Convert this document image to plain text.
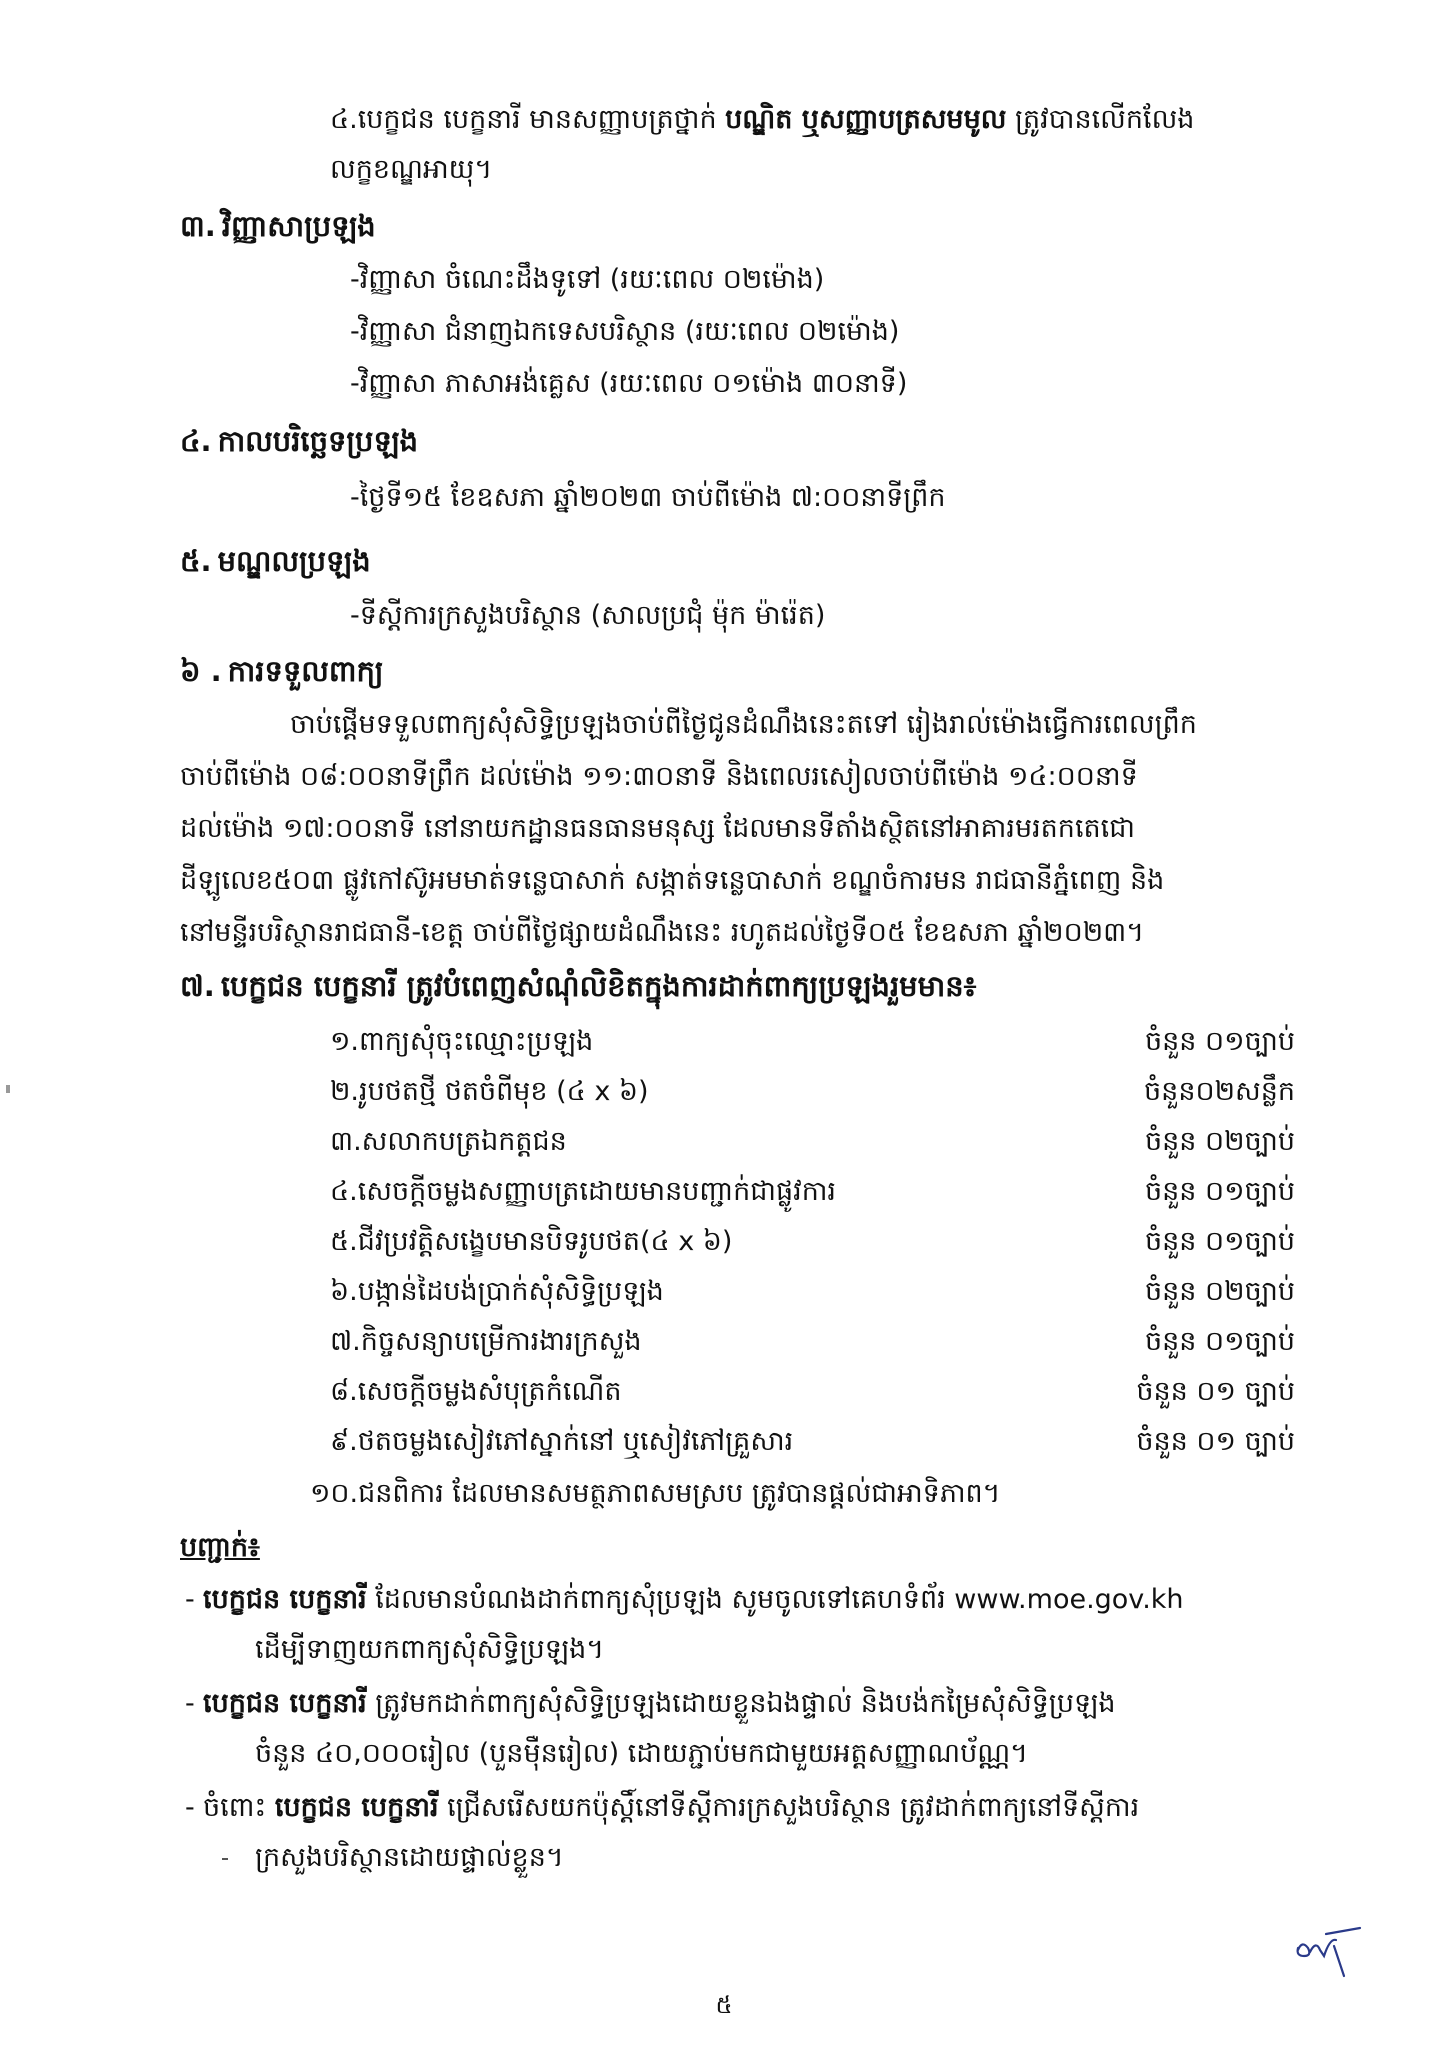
៤.បេក្ខជន បេក្ខនារី មានសញ្ញាបត្រថ្នាក់ បណ្ឌិត ឬសញ្ញាបត្រសមមូល ត្រូវបានលើកលែង
លក្ខខណ្ឌអាយុ។
៣. វិញ្ញាសាប្រឡង
-វិញ្ញាសា ចំណេះដឹងទូទៅ (រយៈពេល ០២ម៉ោង)
-វិញ្ញាសា ជំនាញឯកទេសបរិស្ថាន (រយៈពេល ០២ម៉ោង)
-វិញ្ញាសា ភាសាអង់គ្លេស (រយៈពេល ០១ម៉ោង ៣០នាទី)
៤. កាលបរិច្ឆេទប្រឡង
-ថ្ងៃទី១៥ ខែឧសភា ឆ្នាំ២០២៣ ចាប់ពីម៉ោង ៧:០០នាទីព្រឹក
៥. មណ្ឌលប្រឡង
-ទីស្តីការក្រសួងបរិស្ថាន (សាលប្រជុំ ម៉ុក ម៉ារ៉េត)
៦ . ការទទួលពាក្យ
ចាប់ផ្តើមទទួលពាក្យសុំសិទ្ធិប្រឡងចាប់ពីថ្ងៃជូនដំណឹងនេះតទៅ រៀងរាល់ម៉ោងធ្វើការពេលព្រឹក
ចាប់ពីម៉ោង ០៨:០០នាទីព្រឹក ដល់ម៉ោង ១១:៣០នាទី និងពេលរសៀលចាប់ពីម៉ោង ១៤:០០នាទី
ដល់ម៉ោង ១៧:០០នាទី នៅនាយកដ្ឋានធនធានមនុស្ស ដែលមានទីតាំងស្ថិតនៅអាគារមរតកតេជោ
ដីឡូលេខ៥០៣ ផ្លូវកៅស៊ូអមមាត់ទន្លេបាសាក់ សង្កាត់ទន្លេបាសាក់ ខណ្ឌចំការមន រាជធានីភ្នំពេញ និង
នៅមន្ទីរបរិស្ថានរាជធានី-ខេត្ត ចាប់ពីថ្ងៃផ្សាយដំណឹងនេះ រហូតដល់ថ្ងៃទី០៥ ខែឧសភា ឆ្នាំ២០២៣។
៧. បេក្ខជន បេក្ខនារី ត្រូវបំពេញសំណុំលិខិតក្នុងការដាក់ពាក្យប្រឡងរួមមាន៖
១.ពាក្យសុំចុះឈ្មោះប្រឡង	ចំនួន ០១ច្បាប់
២.រូបថតថ្មី ថតចំពីមុខ (៤ x ៦)	ចំនួន០២សន្លឹក
៣.សលាកបត្រឯកត្តជន	ចំនួន ០២ច្បាប់
៤.សេចក្តីចម្លងសញ្ញាបត្រដោយមានបញ្ជាក់ជាផ្លូវការ	ចំនួន ០១ច្បាប់
៥.ជីវប្រវត្តិសង្ខេបមានបិទរូបថត(៤ x ៦)	ចំនួន ០១ច្បាប់
៦.បង្កាន់ដៃបង់ប្រាក់សុំសិទ្ធិប្រឡង	ចំនួន ០២ច្បាប់
៧.កិច្ចសន្យាបម្រើការងារក្រសួង	ចំនួន ០១ច្បាប់
៨.សេចក្តីចម្លងសំបុត្រកំណើត	ចំនួន ០១ ច្បាប់
៩.ថតចម្លងសៀវភៅស្នាក់នៅ ឬសៀវភៅគ្រួសារ	ចំនួន ០១ ច្បាប់
១០.ជនពិការ ដែលមានសមត្ថភាពសមស្រប ត្រូវបានផ្តល់ជាអាទិភាព។
បញ្ជាក់៖
- បេក្ខជន បេក្ខនារី ដែលមានបំណងដាក់ពាក្យសុំប្រឡង សូមចូលទៅគេហទំព័រ www.moe.gov.kh
ដើម្បីទាញយកពាក្យសុំសិទ្ធិប្រឡង។
- បេក្ខជន បេក្ខនារី ត្រូវមកដាក់ពាក្យសុំសិទ្ធិប្រឡងដោយខ្លួនឯងផ្ទាល់ និងបង់កម្រៃសុំសិទ្ធិប្រឡង
ចំនួន ៤០,០០០រៀល (បួនម៉ឺនរៀល) ដោយភ្ជាប់មកជាមួយអត្តសញ្ញាណប័ណ្ណ។
- ចំពោះ បេក្ខជន បេក្ខនារី ជ្រើសរើសយកប៉ុស្តិ៍នៅទីស្តីការក្រសួងបរិស្ថាន ត្រូវដាក់ពាក្យនៅទីស្តីការ
ក្រសួងបរិស្ថានដោយផ្ទាល់ខ្លួន។
៥
